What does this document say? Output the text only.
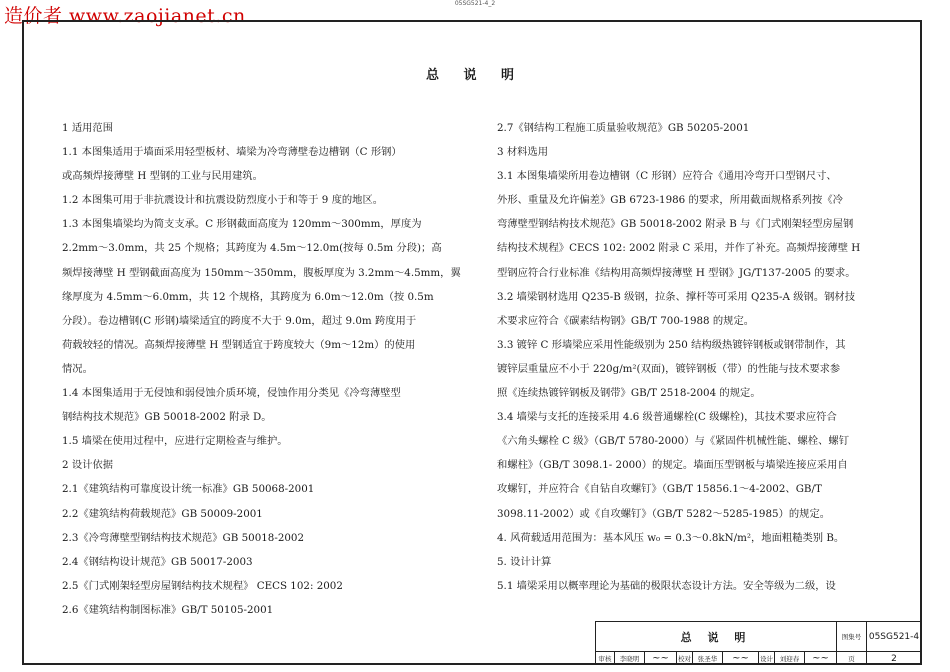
05SG521-4_2
造价者 www.zaojianet.cn
总 说 明

1 适用范围

1.1 本图集适用于墙面采用轻型板材、墙梁为冷弯薄壁卷边槽钢（C 形钢）

或高频焊接薄壁 H 型钢的工业与民用建筑。

1.2 本图集可用于非抗震设计和抗震设防烈度小于和等于 9 度的地区。

1.3 本图集墙梁均为简支支承。C 形钢截面高度为 120mm～300mm，厚度为

2.2mm～3.0mm，共 25 个规格；其跨度为 4.5m～12.0m(按每 0.5m 分段)；高

频焊接薄壁 H 型钢截面高度为 150mm～350mm，腹板厚度为 3.2mm～4.5mm，翼

缘厚度为 4.5mm～6.0mm，共 12 个规格，其跨度为 6.0m～12.0m（按 0.5m

分段）。卷边槽钢(C 形钢)墙梁适宜的跨度不大于 9.0m，超过 9.0m 跨度用于

荷载较轻的情况。高频焊接薄壁 H 型钢适宜于跨度较大（9m～12m）的使用

情况。

1.4 本图集适用于无侵蚀和弱侵蚀介质环境，侵蚀作用分类见《冷弯薄壁型

钢结构技术规范》GB 50018-2002 附录 D。

1.5 墙梁在使用过程中，应进行定期检查与维护。

2 设计依据

2.1《建筑结构可靠度设计统一标准》GB 50068-2001

2.2《建筑结构荷载规范》GB 50009-2001

2.3《冷弯薄壁型钢结构技术规范》GB 50018-2002

2.4《钢结构设计规范》GB 50017-2003

2.5《门式刚架轻型房屋钢结构技术规程》 CECS 102: 2002

2.6《建筑结构制图标准》GB/T 50105-2001

2.7《钢结构工程施工质量验收规范》GB 50205-2001

3 材料选用

3.1 本图集墙梁所用卷边槽钢（C 形钢）应符合《通用冷弯开口型钢尺寸、

外形、重量及允许偏差》GB 6723-1986 的要求，所用截面规格系列按《冷

弯薄壁型钢结构技术规范》GB 50018-2002 附录 B 与《门式刚架轻型房屋钢

结构技术规程》CECS 102: 2002 附录 C 采用，并作了补充。高频焊接薄壁 H

型钢应符合行业标准《结构用高频焊接薄壁 H 型钢》JG/T137-2005 的要求。

3.2 墙梁钢材选用 Q235-B 级钢，拉条、撑杆等可采用 Q235-A 级钢。钢材技

术要求应符合《碳素结构钢》GB/T 700-1988 的规定。

3.3 镀锌 C 形墙梁应采用性能级别为 250 结构级热镀锌钢板或钢带制作，其

镀锌层重量应不小于 220g/m²(双面)，镀锌钢板（带）的性能与技术要求参

照《连续热镀锌钢板及钢带》GB/T 2518-2004 的规定。

3.4 墙梁与支托的连接采用 4.6 级普通螺栓(C 级螺栓)，其技术要求应符合

《六角头螺栓 C 级》（GB/T 5780-2000）与《紧固件机械性能、螺栓、螺钉

和螺柱》（GB/T 3098.1- 2000）的规定。墙面压型钢板与墙梁连接应采用自

攻螺钉，并应符合《自钻自攻螺钉》（GB/T 15856.1～4-2002、GB/T

3098.11-2002）或《自攻螺钉》（GB/T 5282～5285-1985）的规定。

4. 风荷载适用范围为：基本风压 w₀ = 0.3～0.8kN/m²，地面粗糙类别 B。

5. 设计计算

5.1 墙梁采用以概率理论为基础的极限状态设计方法。安全等级为二级，设

总 说 明	图集号 05SG521-4
页	2
审核	李晓明	~~	校对	张圣华	~~	设计	刘迎春	~~
